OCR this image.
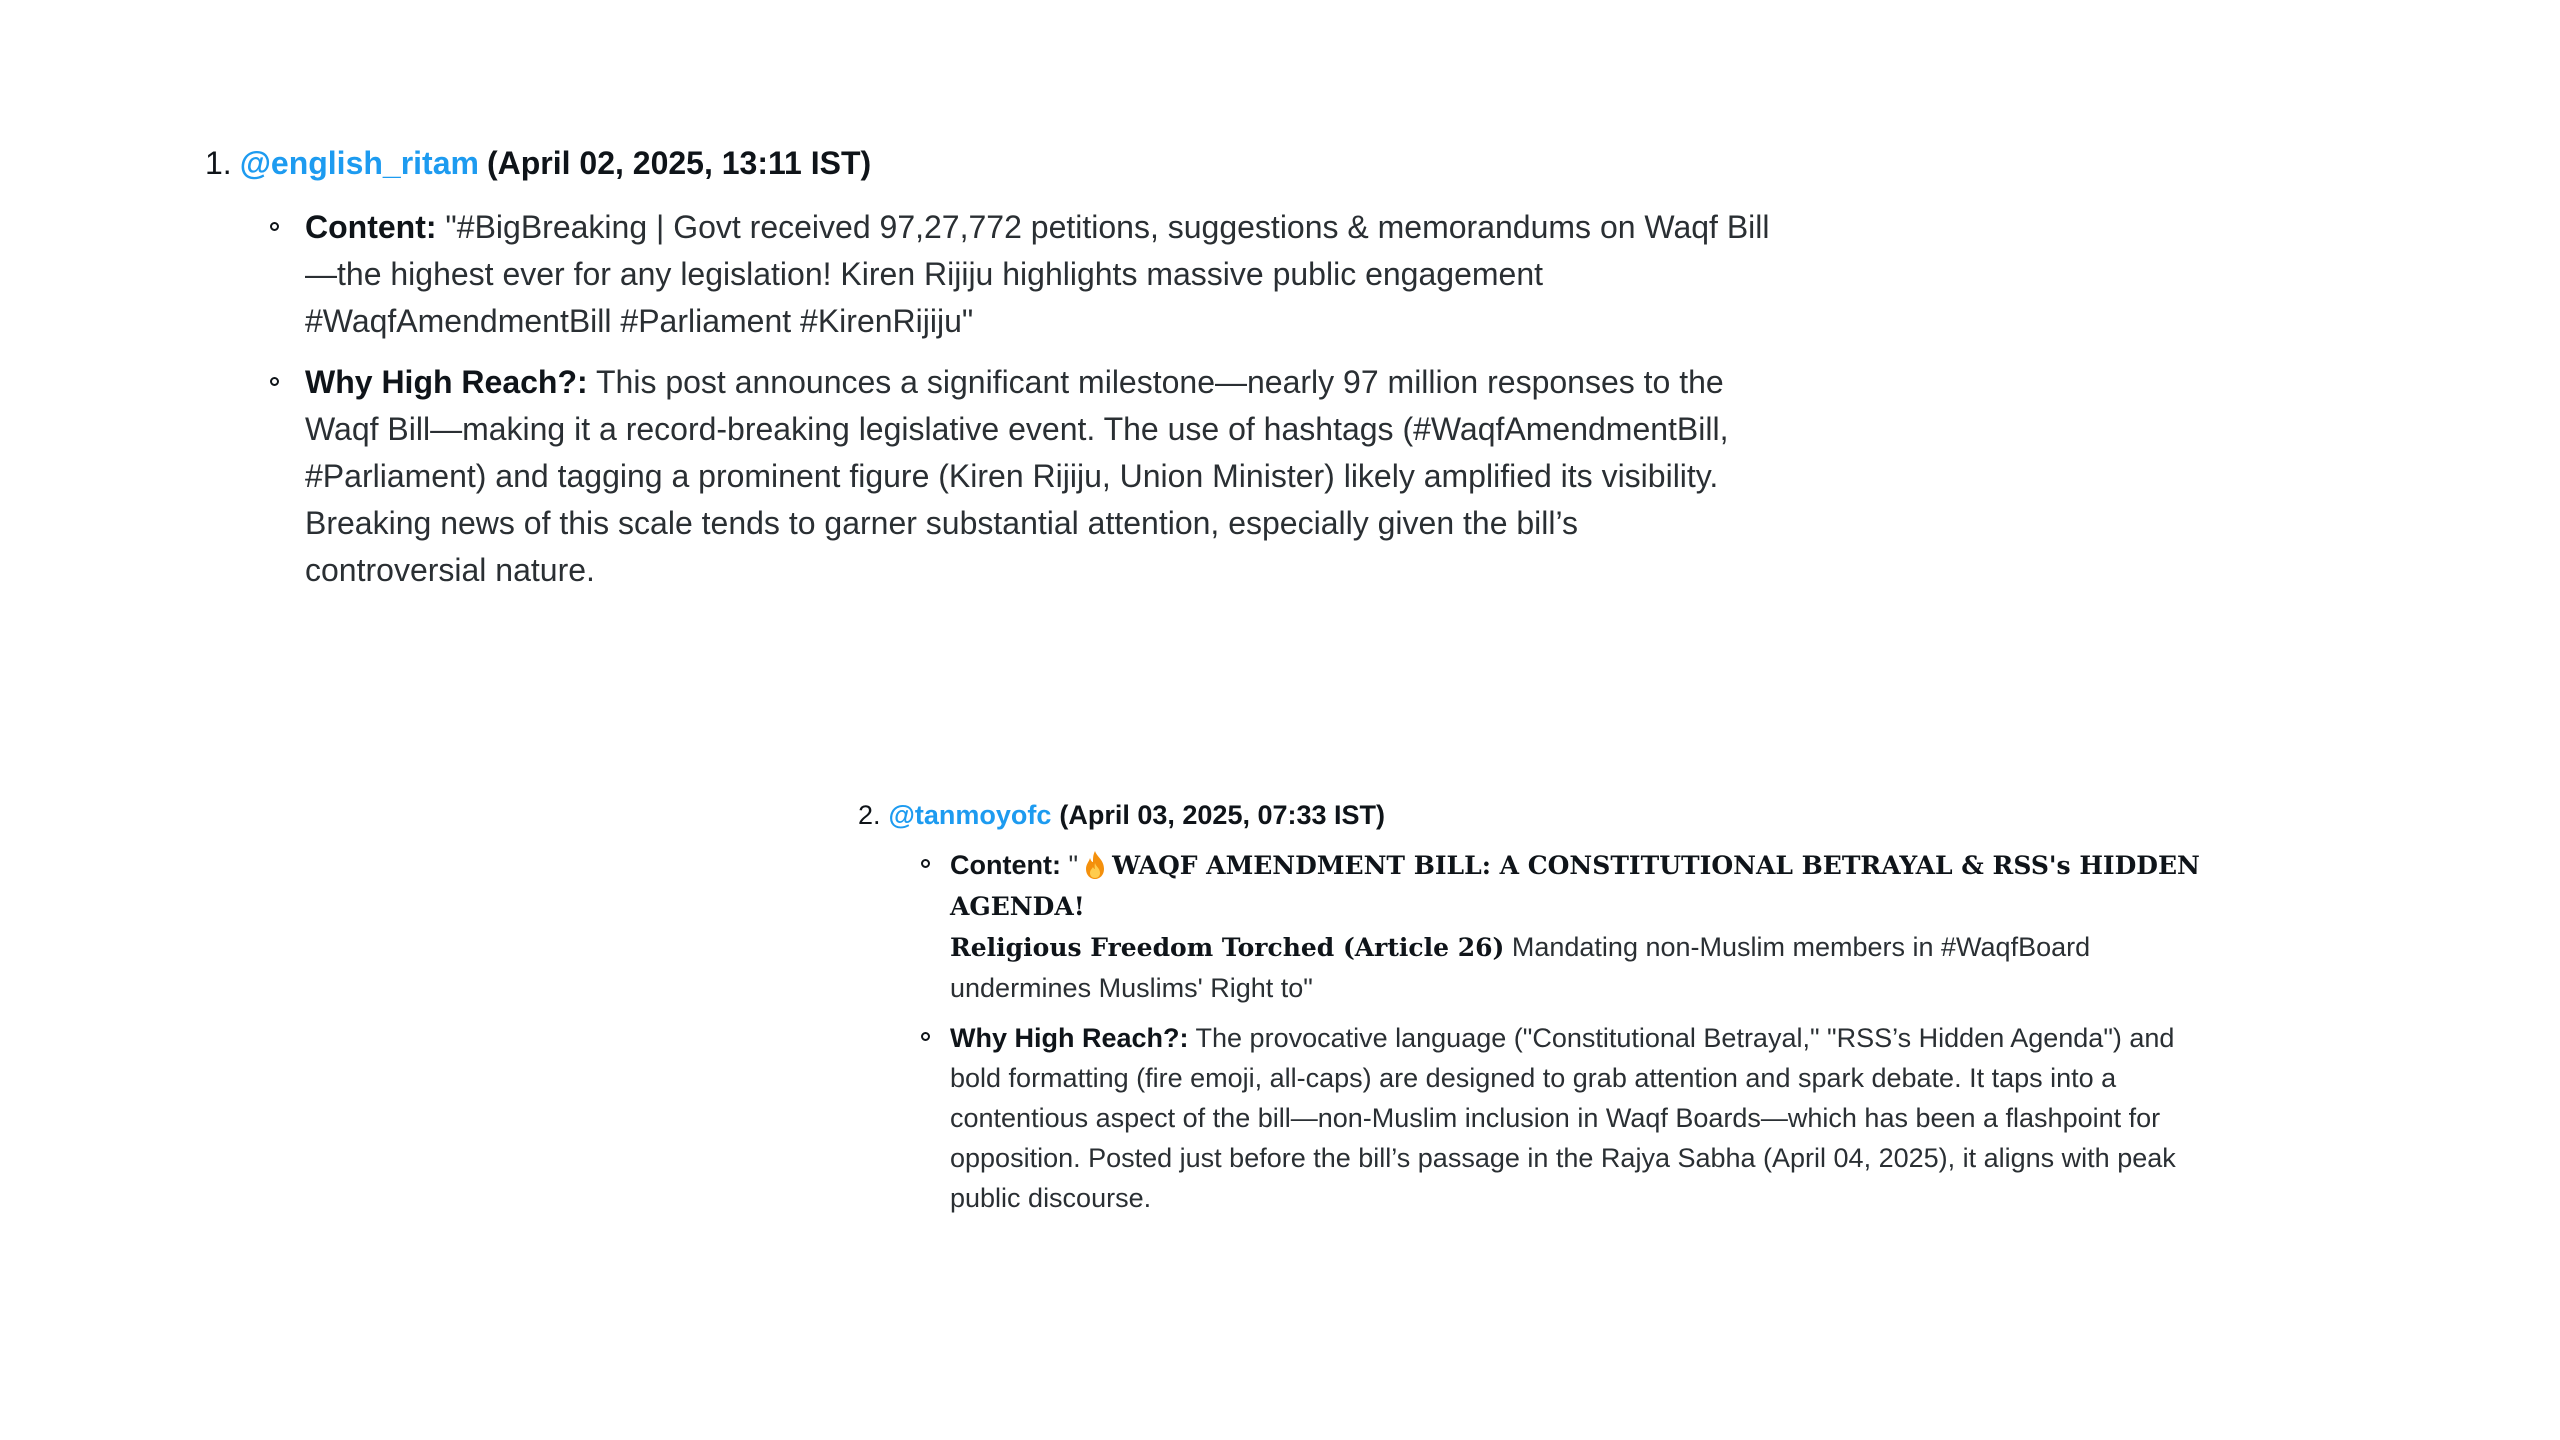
1. @english_ritam (April 02, 2025, 13:11 IST)
Content: "#BigBreaking | Govt received 97,27,772 petitions, suggestions & memorandums on Waqf Bill
—the highest ever for any legislation! Kiren Rijiju highlights massive public engagement
#WaqfAmendmentBill #Parliament #KirenRijiju"
Why High Reach?: This post announces a significant milestone—nearly 97 million responses to the
Waqf Bill—making it a record-breaking legislative event. The use of hashtags (#WaqfAmendmentBill,
#Parliament) and tagging a prominent figure (Kiren Rijiju, Union Minister) likely amplified its visibility.
Breaking news of this scale tends to garner substantial attention, especially given the bill’s
controversial nature.
2. @tanmoyofc (April 03, 2025, 07:33 IST)
Content: " WAQF AMENDMENT BILL: A CONSTITUTIONAL BETRAYAL & RSS's HIDDEN AGENDA!
Religious Freedom Torched (Article 26) Mandating non-Muslim members in #WaqfBoard
undermines Muslims' Right to"
Why High Reach?: The provocative language ("Constitutional Betrayal," "RSS’s Hidden Agenda") and
bold formatting (fire emoji, all-caps) are designed to grab attention and spark debate. It taps into a
contentious aspect of the bill—non-Muslim inclusion in Waqf Boards—which has been a flashpoint for
opposition. Posted just before the bill’s passage in the Rajya Sabha (April 04, 2025), it aligns with peak
public discourse.
